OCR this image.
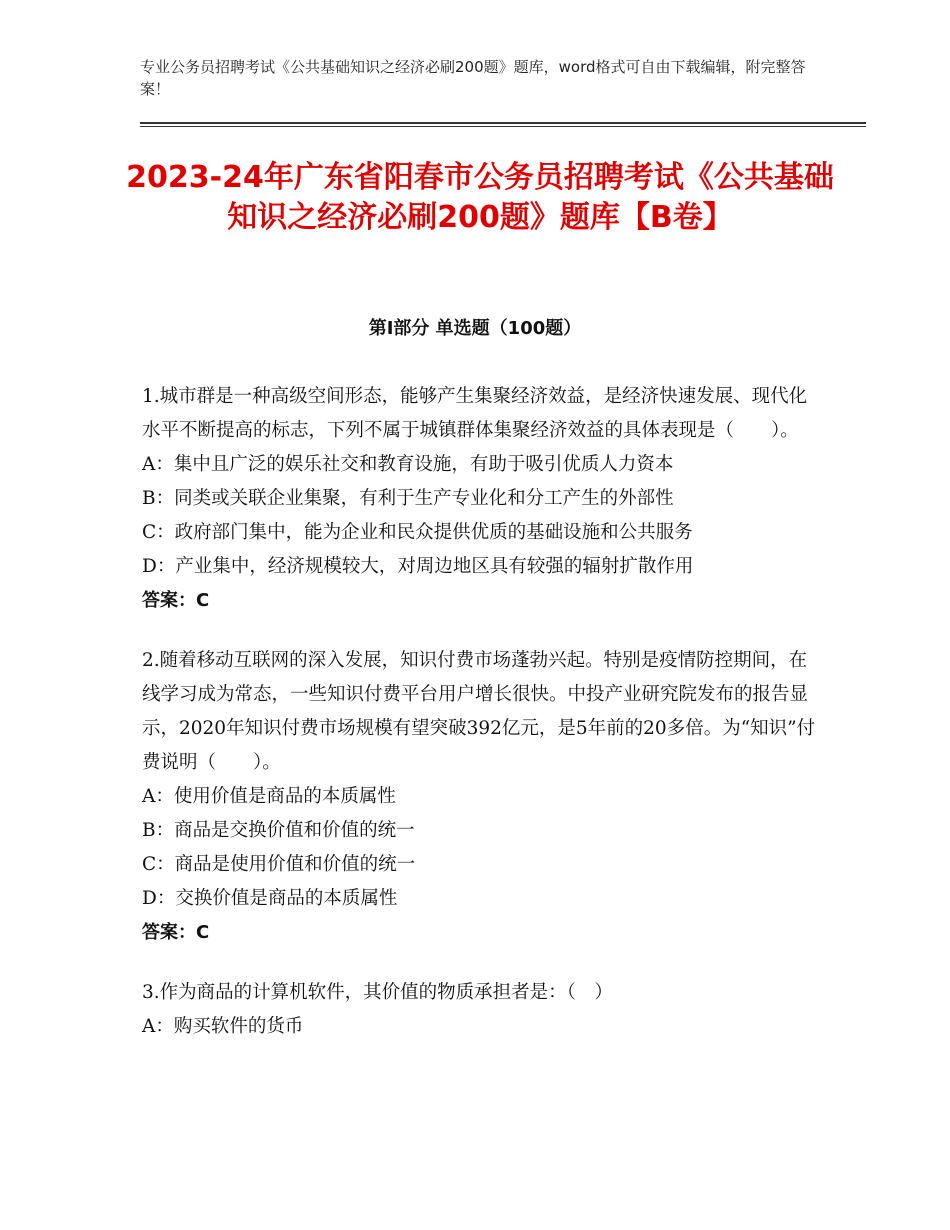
专业公务员招聘考试《公共基础知识之经济必刷200题》题库，word格式可自由下载编辑，附完整答案！
2023-24年广东省阳春市公务员招聘考试《公共基础知识之经济必刷200题》题库【B卷】
第Ⅰ部分 单选题（100题）

1.城市群是一种高级空间形态，能够产生集聚经济效益，是经济快速发展、现代化水平不断提高的标志，下列不属于城镇群体集聚经济效益的具体表现是（　　）。

A：集中且广泛的娱乐社交和教育设施，有助于吸引优质人力资本

B：同类或关联企业集聚，有利于生产专业化和分工产生的外部性

C：政府部门集中，能为企业和民众提供优质的基础设施和公共服务

D：产业集中，经济规模较大，对周边地区具有较强的辐射扩散作用

答案：C

2.随着移动互联网的深入发展，知识付费市场蓬勃兴起。特别是疫情防控期间，在线学习成为常态，一些知识付费平台用户增长很快。中投产业研究院发布的报告显示，2020年知识付费市场规模有望突破392亿元，是5年前的20多倍。为“知识”付费说明（　　）。

A：使用价值是商品的本质属性

B：商品是交换价值和价值的统一

C：商品是使用价值和价值的统一

D：交换价值是商品的本质属性

答案：C

3.作为商品的计算机软件，其价值的物质承担者是：（　）

A：购买软件的货币
